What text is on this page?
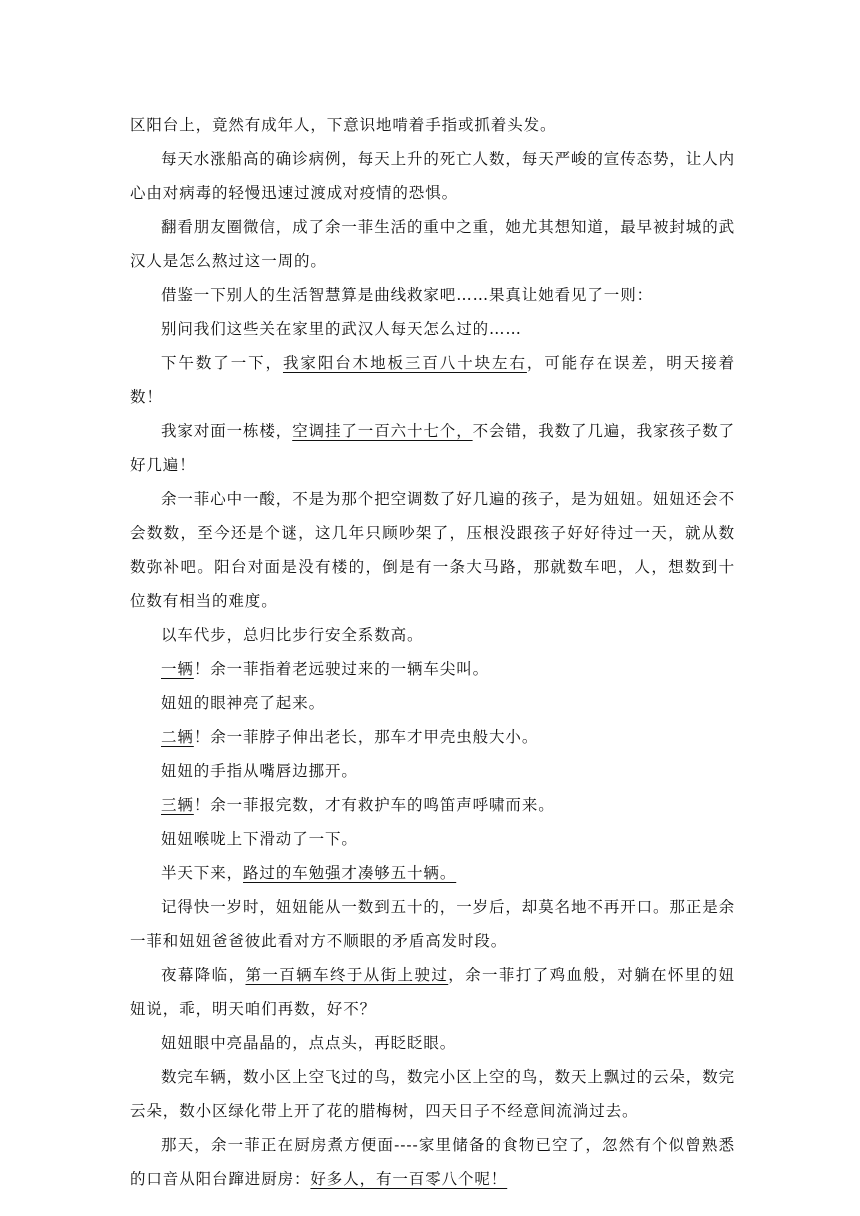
区阳台上，竟然有成年人，下意识地啃着手指或抓着头发。

每天水涨船高的确诊病例，每天上升的死亡人数，每天严峻的宣传态势，让人内心由对病毒的轻慢迅速过渡成对疫情的恐惧。

翻看朋友圈微信，成了余一菲生活的重中之重，她尤其想知道，最早被封城的武汉人是怎么熬过这一周的。

借鉴一下别人的生活智慧算是曲线救家吧……果真让她看见了一则：

别问我们这些关在家里的武汉人每天怎么过的……

下午数了一下，我家阳台木地板三百八十块左右，可能存在误差，明天接着数！

我家对面一栋楼，空调挂了一百六十七个，不会错，我数了几遍，我家孩子数了好几遍！

余一菲心中一酸，不是为那个把空调数了好几遍的孩子，是为妞妞。妞妞还会不会数数，至今还是个谜，这几年只顾吵架了，压根没跟孩子好好待过一天，就从数数弥补吧。阳台对面是没有楼的，倒是有一条大马路，那就数车吧，人，想数到十位数有相当的难度。

以车代步，总归比步行安全系数高。

一辆！余一菲指着老远驶过来的一辆车尖叫。

妞妞的眼神亮了起来。

二辆！余一菲脖子伸出老长，那车才甲壳虫般大小。

妞妞的手指从嘴唇边挪开。

三辆！余一菲报完数，才有救护车的鸣笛声呼啸而来。

妞妞喉咙上下滑动了一下。

半天下来，路过的车勉强才凑够五十辆。

记得快一岁时，妞妞能从一数到五十的，一岁后，却莫名地不再开口。那正是余一菲和妞妞爸爸彼此看对方不顺眼的矛盾高发时段。

夜幕降临，第一百辆车终于从街上驶过，余一菲打了鸡血般，对躺在怀里的妞妞说，乖，明天咱们再数，好不？

妞妞眼中亮晶晶的，点点头，再眨眨眼。

数完车辆，数小区上空飞过的鸟，数完小区上空的鸟，数天上飘过的云朵，数完云朵，数小区绿化带上开了花的腊梅树，四天日子不经意间流淌过去。

那天，余一菲正在厨房煮方便面----家里储备的食物已空了，忽然有个似曾熟悉的口音从阳台蹿进厨房：好多人，有一百零八个呢！
